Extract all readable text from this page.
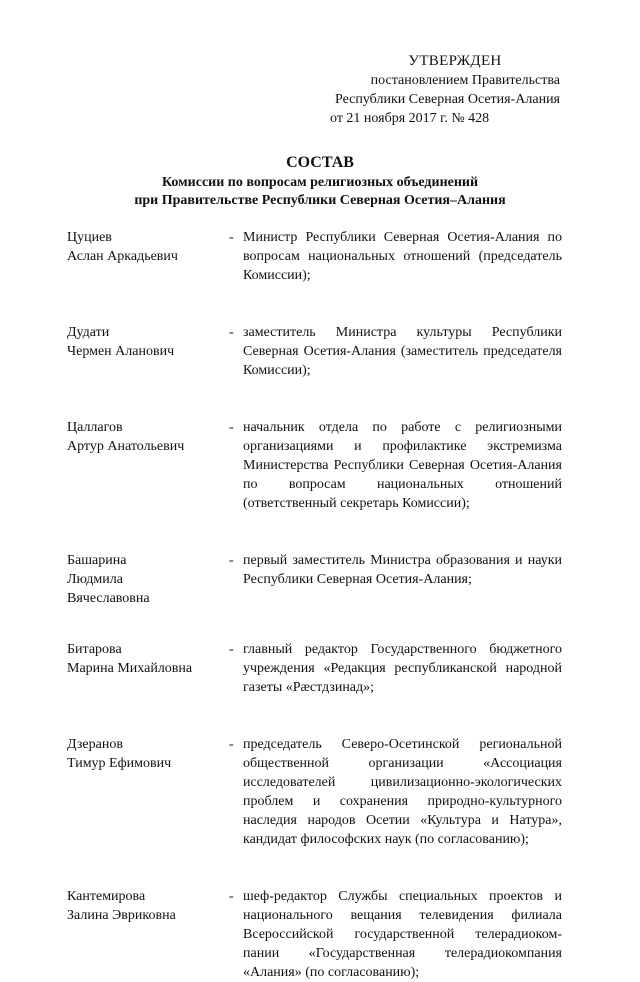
УТВЕРЖДЕН
постановлением Правительства
Республики Северная Осетия-Алания
от 21 ноября 2017 г. № 428
СОСТАВ
Комиссии по вопросам религиозных объединений
при Правительстве Республики Северная Осетия–Алания
Цуциев
Аслан Аркадьевич
- Министр Республики Северная Осетия-Алания по вопросам национальных отношений (председатель Комиссии);
Дудати
Чермен Аланович
- заместитель Министра культуры Республики Северная Осетия-Алания (заместитель председателя Комиссии);
Цаллагов
Артур Анатольевич
- начальник отдела по работе с религиозными организациями и профилактике экстремизма Министерства Республики Северная Осетия-Алания по вопросам национальных отношений (ответственный секретарь Комиссии);
Башарина
Людмила
Вячеславовна
- первый заместитель Министра образования и науки Республики Северная Осетия-Алания;
Битарова
Марина Михайловна
- главный редактор Государственного бюджетного учреждения «Редакция республиканской народной газеты «Рæстдзинад»;
Дзеранов
Тимур Ефимович
- председатель Северо-Осетинской региональной общественной организации «Ассоциация исследователей цивилизационно-экологических проблем и сохранения природно-культурного наследия народов Осетии «Культура и Натура», кандидат философских наук (по согласованию);
Кантемирова
Залина Эвриковна
- шеф-редактор Службы специальных проектов и национального вещания телевидения филиала Всероссийской государственной телерадиоком-пании «Государственная телерадиокомпания «Алания» (по согласованию);
